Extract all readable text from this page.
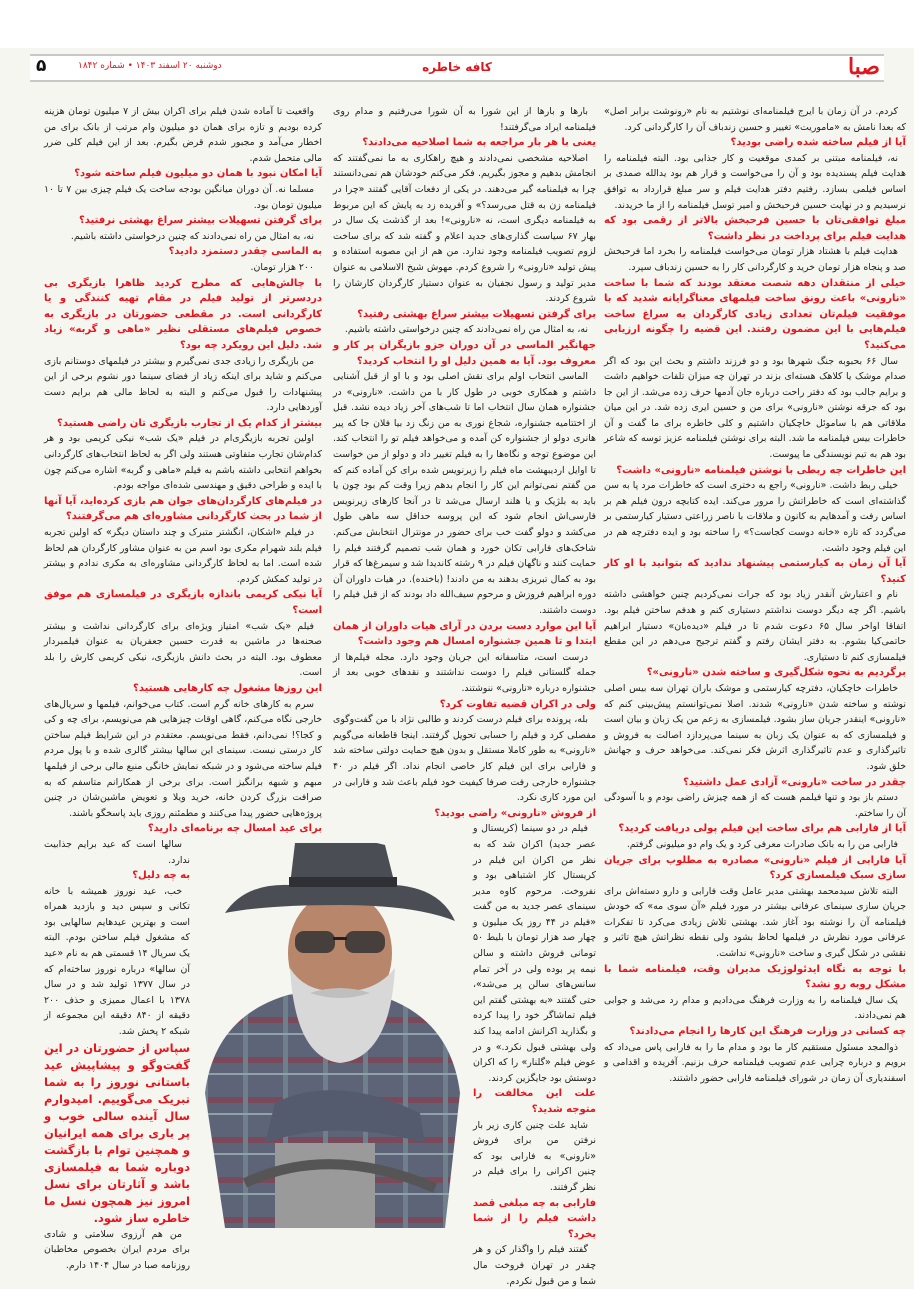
صبا
کافه خاطره
دوشنبه ۲۰ اسفند ۱۴۰۳ • شماره ۱۸۴۲
۵

کردم. در آن زمان با ایرج فیلمنامه‌ای نوشتیم به نام «رونوشت برابر اصل» که بعدا نامش به «ماموریت» تغییر و حسین زندباف آن را کارگردانی کرد.

آیا از فیلم ساخته شده راضی بودید؟

نه، فیلمنامه مبتنی بر کمدی موقعیت و کار جذابی بود. البته فیلمنامه را هدایت فیلم پسندیده بود و آن را می‌خواست و قرار هم بود یدالله صمدی بر اساس فیلمی بسازد. رفتیم دفتر هدایت فیلم و سر مبلغ قرارداد به توافق نرسیدیم و در نهایت حسین فرحبخش و امیر توسل فیلمنامه را از ما خریدند.

مبلغ توافقی‌تان با حسین فرحبخش بالاتر از رقمی بود که هدایت فیلم برای پرداخت در نظر داشت؟

هدایت فیلم با هشتاد هزار تومان می‌خواست فیلمنامه را بخرد اما فرحبخش صد و پنجاه هزار تومان خرید و کارگردانی کار را به حسین زندباف سپرد.

خیلی از منتقدان دهه شصت معتقد بودند که شما با ساخت «نارونی» باعث رونق ساخت فیلمهای معناگرایانه شدید که با موفقیت فیلم‌تان تعدادی زیادی کارگردان به سراغ ساخت فیلم‌هایی با این مضمون رفتند. این قضیه را چگونه ارزیابی می‌کنید؟

سال ۶۶ بحبوبه جنگ شهرها بود و دو فرزند داشتم و بحث این بود که اگر صدام موشک یا کلاهک هسته‌ای بزند در تهران چه میزان تلفات خواهیم داشت و برایم جالب بود که دفتر راحت درباره جان آدمها حرف زده می‌شد. از این جا بود که جرقه نوشتن «نارونی» برای من و حسین ایری زده شد. در این میان ملاقاتی هم با ساموئل خاچکیان داشتیم و کلی خاطره برای ما گفت و آن خاطرات بیس فیلمنامه ما شد. البته برای نوشتن فیلمنامه عزیز توسه که شاعر بود هم به تیم نویسندگی ما پیوست.

این خاطرات چه ربطی با نوشتن فیلمنامه «نارونی» داشت؟

خیلی ربط داشت. «نارونی» راجع به دختری است که خاطرات مرد پا به سن گذاشته‌ای است که خاطراتش را مرور می‌کند. ایده کتابچه درون فیلم هم بر اساس رفت و آمدهایم به کانون و ملاقات با ناصر زراعتی دستیار کیارستمی بر می‌گردد که تازه «خانه دوست کجاست؟» را ساخته بود و ایده دفترچه هم در این فیلم وجود داشت.

آیا آن زمان به کیارستمی پیشنهاد ندادید که بتوانید با او کار کنید؟

نام و اعتبارش آنقدر زیاد بود که جرات نمی‌کردیم چنین خواهشی داشته باشیم. اگر چه دیگر دوست نداشتم دستیاری کنم و هدفم ساختن فیلم بود. اتفاقا اواخر سال ۶۵ دعوت شدم تا در فیلم «دیده‌بان» دستیار ابراهیم حاتمی‌کیا بشوم. به دفتر ایشان رفتم و گفتم ترجیح می‌دهم در این مقطع فیلمسازی کنم تا دستیاری.

برگردیم به نحوه شکل‌گیری و ساخته شدن «نارونی»؟

خاطرات خاچکیان، دفترچه کیارستمی و موشک باران تهران سه بیس اصلی نوشته و ساخته شدن «نارونی» شدند. اصلا نمی‌توانستم پیش‌بینی کنم که «نارونی» اینقدر جریان ساز بشود. فیلمسازی به زعم من یک زبان و بیان است و فیلمسازی که به عنوان یک زبان به سینما می‌پردازد اصالت به فروش و تاثیرگذاری و عدم تاثیرگذاری اثرش فکر نمی‌کند. می‌خواهد حرف و جهانش خلق شود.

چقدر در ساخت «نارونی» آزادی عمل داشتید؟

دستم باز بود و تنها فیلمم هست که از همه چیزش راضی بودم و با آسودگی آن را ساختم.

آیا از فارابی هم برای ساخت این فیلم پولی دریافت کردید؟

فارابی من را به بانک صادرات معرفی کرد و یک وام دو میلیونی گرفتم.

آیا فارابی از فیلم «نارونی» مصادره به مطلوب برای جریان سازی سبک فیلمسازی کرد؟

البته تلاش سیدمحمد بهشتی مدیر عامل وقت فارابی و دارو دسته‌اش برای جریان سازی سینمای عرفانی بیشتر در مورد فیلم «آن سوی مه» که خودش فیلمنامه آن را نوشته بود آغاز شد. بهشتی تلاش زیادی می‌کرد تا تفکرات عرفانی مورد نظرش در فیلمها لحاظ بشود ولی نقطه نظراتش هیچ تاثیر و نقشی در شکل گیری و ساخت «نارونی» نداشت.

با توجه به نگاه ایدئولوژیک مدیران وقت، فیلمنامه شما با مشکل روبه رو نشد؟

یک سال فیلمنامه را به وزارت فرهنگ می‌دادیم و مدام رد می‌شد و جوابی هم نمی‌دادند.

چه کسانی در وزارت فرهنگ این کارها را انجام می‌دادند؟

ذوالمجد مسئول مستقیم کار ما بود و مدام ما را به فارابی پاس می‌داد که برویم و درباره چرایی عدم تصویب فیلمنامه حرف بزنیم. آفریده و اقدامی و اسفندیاری آن زمان در شورای فیلمنامه فارابی حضور داشتند.

بارها و بارها از این شورا به آن شورا می‌رفتیم و مدام روی فیلمنامه ایراد می‌گرفتند!

یعنی با هر بار مراجعه به شما اصلاحیه می‌دادند؟

اصلاحیه مشخصی نمی‌دادند و هیچ راهکاری به ما نمی‌گفتند که انجامش بدهیم و مجوز بگیریم. فکر می‌کنم خودشان هم نمی‌دانستند چرا به فیلمنامه گیر می‌دهند. در یکی از دفعات آقایی گفتند «چرا در فیلمنامه زن به قتل می‌رسد؟» و آفریده زد به پایش که این مربوط به فیلمنامه دیگری است، نه «نارونی»! بعد از گذشت یک سال در بهار ۶۷ سیاست گذاری‌های جدید اعلام و گفته شد که برای ساخت لزوم تصویب فیلمنامه وجود ندارد. من هم از این مصوبه استفاده و پیش تولید «نارونی» را شروع کردم. مهوش شیخ الاسلامی به عنوان مدیر تولید و رسول نجفیان به عنوان دستیار کارگردان کارشان را شروع کردند.

برای گرفتن تسهیلات بیشتر سراغ بهشتی رفتید؟

نه، به امثال من راه نمی‌دادند که چنین درخواستی داشته باشیم.

جهانگیر الماسی در آن دوران جزو بازیگران پر کار و معروف بود. آیا به همین دلیل او را انتخاب کردید؟

الماسی انتخاب اولم برای نقش اصلی بود و با او از قبل آشنایی داشتم و همکاری خوبی در طول کار با من داشت. «نارونی» در جشنواره همان سال انتخاب اما تا شب‌های آخر زیاد دیده نشد. قبل از اختتامیه جشنواره، شجاع نوری به من زنگ زد بیا فلان جا که پیر هانری دولو از جشنواره کن آمده و می‌خواهد فیلم تو را انتخاب کند. این موضوع توجه و نگاه‌ها را به فیلم تغییر داد و دولو از من خواست تا اوایل اردیبهشت ماه فیلم را زیرنویس شده برای کن آماده کنم که من گفتم نمی‌توانم این کار را انجام بدهم زیرا وقت کم بود چون یا باید به بلژیک و یا هلند ارسال می‌شد تا در آنجا کارهای زیرنویس فارسی‌اش انجام شود که این پروسه حداقل سه ماهی طول می‌کشد و دولو گفت خب برای حضور در مونترال انتخابش می‌کنم. شاخک‌های فارابی تکان خورد و همان شب تصمیم گرفتند فیلم را حمایت کنند و ناگهان فیلم در ۹ رشته کاندیدا شد و سیمرغ‌ها که قرار بود به کمال تبریزی بدهند به من دادند! (باخنده). در هیات داوران آن دوره ابراهیم فروزش و مرحوم سیف‌الله داد بودند که از قبل فیلم را دوست داشتند.

آیا این موارد دست بردن در آرای هیات داوران از همان ابتدا و تا همین جشنواره امسال هم وجود داشت؟

درست است، متاسفانه این جریان وجود دارد. مجله فیلم‌ها از جمله گلستانی فیلم را دوست نداشتند و نقدهای خوبی بعد از جشنواره درباره «نارونی» ننوشتند.

ولی در اکران قضیه تفاوت کرد؟

بله، پرونده برای فیلم درست کردند و طالبی نژاد با من گفت‌وگوی مفصلی کرد و فیلم را حسابی تحویل گرفتند. اینجا قاطعانه می‌گویم «نارونی» به طور کاملا مستقل و بدون هیچ حمایت دولتی ساخته شد و فارابی برای این فیلم کار خاصی انجام نداد. اگر فیلم در ۴۰ جشنواره خارجی رفت صرفا کیفیت خود فیلم باعث شد و فارابی در این مورد کاری نکرد.

از فروش «نارونی» راضی بودید؟

فیلم در دو سینما (کریستال و عصر جدید) اکران شد که به نظر من اکران این فیلم در کریستال کار اشتباهی بود و نفروخت. مرحوم کاوه مدیر سینمای عصر جدید به من گفت «فیلم در ۴۴ روز یک میلیون و چهار صد هزار تومان با بلیط ۵۰ تومانی فروش داشته و سالن نیمه پر بوده ولی در آخر تمام سانس‌های سالن پر می‌شد»، حتی گفتند «به بهشتی گفتم این فیلم تماشاگر خود را پیدا کرده و بگذارید اکرانش ادامه پیدا کند ولی بهشتی قبول نکرد.» و در عوض فیلم «گلنار» را که اکران دوستش بود جایگزین کردند.

علت این مخالفت را متوجه شدید؟

شاید علت چنین کاری زیر بار نرفتن من برای فروش «نارونی» به فارابی بود که چنین اکرانی را برای فیلم در نظر گرفتند.

فارابی به چه مبلغی قصد داشت فیلم را از شما بخرد؟

گفتند فیلم را واگذار کن و هر چقدر در تهران فروخت مال شما و من قبول نکردم.

واقعیت تا آماده شدن فیلم برای اکران بیش از ۷ میلیون تومان هزینه کرده بودیم و تازه برای همان دو میلیون وام مرتب از بانک برای من اخطار می‌آمد و مجبور شدم قرض بگیرم. بعد از این فیلم کلی ضرر مالی متحمل شدم.

آیا امکان نبود با همان دو میلیون فیلم ساخته شود؟

مسلما نه. آن دوران میانگین بودجه ساخت یک فیلم چیزی بین ۷ تا ۱۰ میلیون تومان بود.

برای گرفتن تسهیلات بیشتر سراغ بهشتی نرفتید؟

نه، به امثال من راه نمی‌دادند که چنین درخواستی داشته باشیم.

به الماسی چقدر دستمزد دادید؟

۲۰۰ هزار تومان.

با چالش‌هایی که مطرح کردید ظاهرا بازیگری بی دردسرتر از تولید فیلم در مقام تهیه کنندگی و یا کارگردانی است. در مقطعی حضورتان در بازیگری به خصوص فیلم‌های مستقلی نظیر «ماهی و گربه» زیاد شد. دلیل این رویکرد چه بود؟

من بازیگری را زیادی جدی نمی‌گیرم و بیشتر در فیلمهای دوستانم بازی می‌کنم و شاید برای اینکه زیاد از فضای سینما دور نشوم برخی از این پیشنهادات را قبول می‌کنم و البته به لحاظ مالی هم برایم دست آوردهایی دارد.

بیشتر از کدام یک از تجارب بازیگری تان راضی هستید؟

اولین تجربه بازیگری‌ام در فیلم «یک شب» نیکی کریمی بود و هر کدام‌شان تجارب متفاوتی هستند ولی اگر به لحاظ انتخاب‌های کارگردانی بخواهم انتخابی داشته باشم به فیلم «ماهی و گربه» اشاره می‌کنم چون با ایده و طراحی دقیق و مهندسی شده‌ای مواجه بودم.

در فیلم‌های کارگردان‌های جوان هم بازی کرده‌اید، آیا آنها از شما در بحث کارگردانی مشاوره‌ای هم می‌گرفتند؟

در فیلم «اشکان، انگشتر متبرک و چند داستان دیگر» که اولین تجربه فیلم بلند شهرام مکری بود اسم من به عنوان مشاور کارگردان هم لحاظ شده است. اما به لحاظ کارگردانی مشاوره‌ای به مکری ندادم و بیشتر در تولید کمکش کردم.

آیا نیکی کریمی باندازه بازیگری در فیلمسازی هم موفق است؟

فیلم «یک شب» امتیاز ویژه‌ای برای کارگردانی نداشت و بیشتر صحنه‌ها در ماشین به قدرت حسین جعفریان به عنوان فیلمبردار معطوف بود. البته در بحث دانش بازیگری، نیکی کریمی کارش را بلد است.

این روزها مشغول چه کارهایی هستید؟

سرم به کارهای خانه گرم است. کتاب می‌خوانم، فیلمها و سریال‌های خارجی نگاه می‌کنم، گاهی اوقات چیزهایی هم می‌نویسم، برای چه و کی و کجا؟! نمی‌دانم، فقط می‌نویسم. معتقدم در این شرایط فیلم ساختن کار درستی نیست. سینمای این سالها بیشتر گالری شده و با پول مردم فیلم ساخته می‌شود و در شبکه نمایش خانگی منبع مالی برخی از فیلمها مبهم و شبهه برانگیز است. برای برخی از همکارانم متاسفم که به صرافت بزرگ کردن خانه، خرید ویلا و تعویض ماشین‌شان در چنین پروژه‌هایی حضور پیدا می‌کنند و مطمئنم روزی باید پاسخگو باشند.

برای عید امسال چه برنامه‌ای دارید؟

سالها است که عید برایم جذابیت ندارد.

به چه دلیل؟

خب، عید نوروز همیشه با خانه تکانی و سپس دید و بازدید همراه است و بهترین عیدهایم سالهایی بود که مشغول فیلم ساختن بودم. البته یک سریال ۱۴ قسمتی هم به نام «عید آن سالها» درباره نوروز ساخته‌ام که در سال ۱۳۷۷ تولید شد و در سال ۱۳۷۸ با اعمال ممیزی و حذف ۲۰۰ دقیقه از ۸۴۰ دقیقه این مجموعه از شبکه ۲ پخش شد.

سپاس از حضورتان در این گفت‌وگو و پیشاپیش عید باستانی نوروز را به شما تبریک می‌گوییم. امیدوارم سال آینده سالی خوب و پر باری برای همه ایرانیان و همچنین توام با بازگشت دوباره شما به فیلمسازی باشد و آثارتان برای نسل امروز نیز همچون نسل ما خاطره ساز شود.

من هم آرزوی سلامتی و شادی برای مردم ایران بخصوص مخاطبان روزنامه صبا در سال ۱۴۰۴ دارم.
